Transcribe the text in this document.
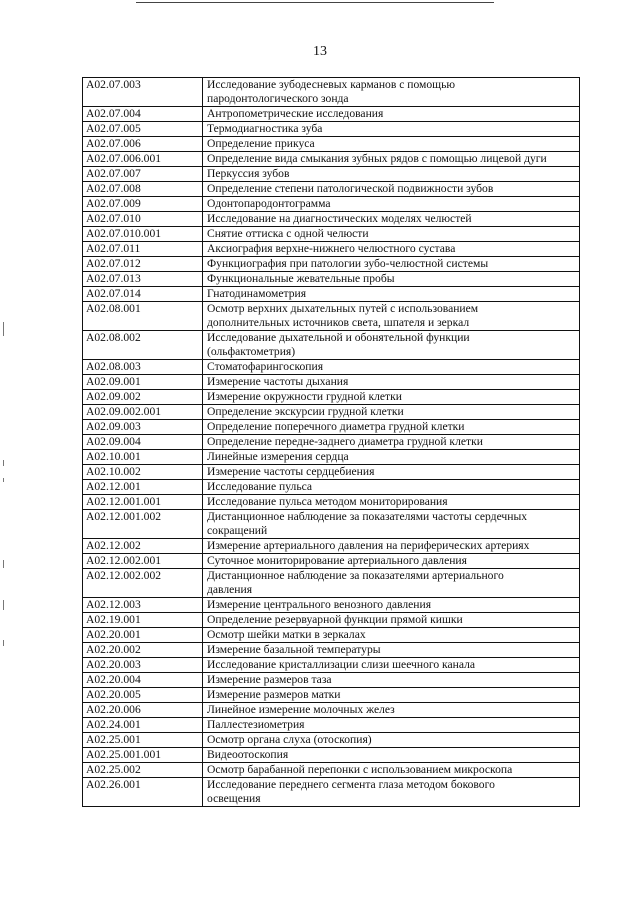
13
A02.07.003	Исследование зубодесневых карманов с помощью
пародонтологического зонда

A02.07.004	Антропометрические исследования

A02.07.005	Термодиагностика зуба

A02.07.006	Определение прикуса

A02.07.006.001	Определение вида смыкания зубных рядов с помощью лицевой дуги

A02.07.007	Перкуссия зубов

A02.07.008	Определение степени патологической подвижности зубов

A02.07.009	Одонтопародонтограмма

A02.07.010	Исследование на диагностических моделях челюстей

A02.07.010.001	Снятие оттиска с одной челюсти

A02.07.011	Аксиография верхне-нижнего челюстного сустава

A02.07.012	Функциография при патологии зубо-челюстной системы

A02.07.013	Функциональные жевательные пробы

A02.07.014	Гнатодинамометрия

A02.08.001	Осмотр верхних дыхательных путей с использованием
дополнительных источников света, шпателя и зеркал

A02.08.002	Исследование дыхательной и обонятельной функции
(ольфактометрия)

A02.08.003	Стоматофарингоскопия

A02.09.001	Измерение частоты дыхания

A02.09.002	Измерение окружности грудной клетки

A02.09.002.001	Определение экскурсии грудной клетки

A02.09.003	Определение поперечного диаметра грудной клетки

A02.09.004	Определение передне-заднего диаметра грудной клетки

A02.10.001	Линейные измерения сердца

A02.10.002	Измерение частоты сердцебиения

A02.12.001	Исследование пульса

A02.12.001.001	Исследование пульса методом мониторирования

A02.12.001.002	Дистанционное наблюдение за показателями частоты сердечных
сокращений

A02.12.002	Измерение артериального давления на периферических артериях

A02.12.002.001	Суточное мониторирование артериального давления

A02.12.002.002	Дистанционное наблюдение за показателями артериального
давления

A02.12.003	Измерение центрального венозного давления

A02.19.001	Определение резервуарной функции прямой кишки

A02.20.001	Осмотр шейки матки в зеркалах

A02.20.002	Измерение базальной температуры

A02.20.003	Исследование кристаллизации слизи шеечного канала

A02.20.004	Измерение размеров таза

A02.20.005	Измерение размеров матки

A02.20.006	Линейное измерение молочных желез

A02.24.001	Паллестезиометрия

A02.25.001	Осмотр органа слуха (отоскопия)

A02.25.001.001	Видеоотоскопия

A02.25.002	Осмотр барабанной перепонки с использованием микроскопа

A02.26.001	Исследование переднего сегмента глаза методом бокового
освещения
